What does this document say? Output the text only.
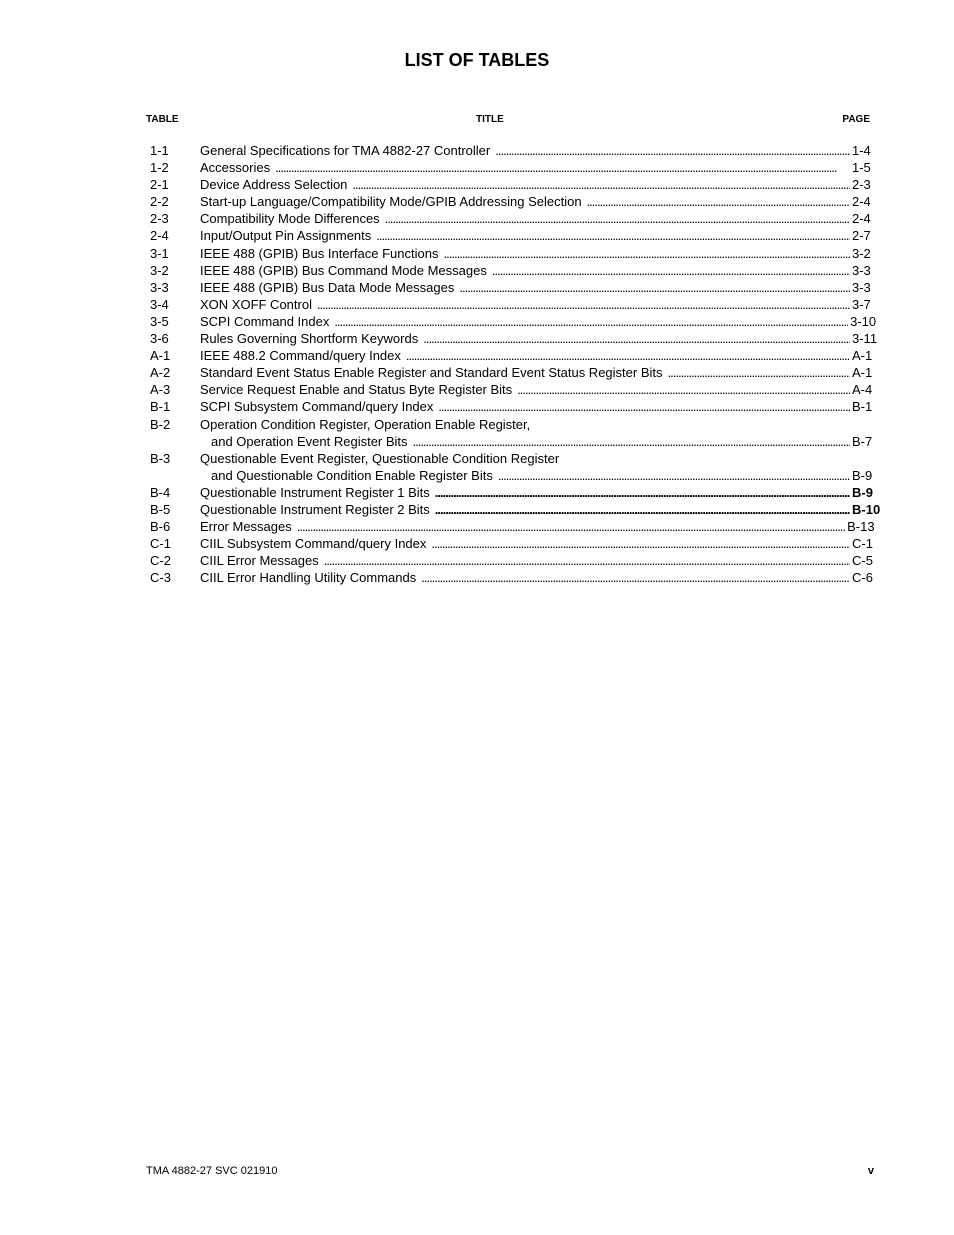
LIST OF TABLES
TABLE	TITLE	PAGE
1-1	General Specifications for TMA 4882-27 Controller . . .	1-4
1-2	Accessories . . .	1-5
2-1	Device Address Selection . . .	2-3
2-2	Start-up Language/Compatibility Mode/GPIB Addressing Selection . . .	2-4
2-3	Compatibility Mode Differences . . .	2-4
2-4	Input/Output Pin Assignments . . .	2-7
3-1	IEEE 488 (GPIB) Bus Interface Functions . . .	3-2
3-2	IEEE 488 (GPIB) Bus Command Mode Messages . . .	3-3
3-3	IEEE 488 (GPIB) Bus Data Mode Messages . . .	3-3
3-4	XON XOFF Control . . .	3-7
3-5	SCPI Command Index . . .	3-10
3-6	Rules Governing Shortform Keywords . . .	3-11
A-1	IEEE 488.2 Command/query Index . . .	A-1
A-2	Standard Event Status Enable Register and Standard Event Status Register Bits . . .	A-1
A-3	Service Request Enable and Status Byte Register Bits . . .	A-4
B-1	SCPI Subsystem Command/query Index . . .	B-1
B-2	Operation Condition Register, Operation Enable Register,
and Operation Event Register Bits . . .	B-7
B-3	Questionable Event Register, Questionable Condition Register
and Questionable Condition Enable Register Bits . . .	B-9
B-4	Questionable Instrument Register 1 Bits . . .	B-9
B-5	Questionable Instrument Register 2 Bits . . .	B-10
B-6	Error Messages . . .	B-13
C-1	CIIL Subsystem Command/query Index . . .	C-1
C-2	CIIL Error Messages . . .	C-5
C-3	CIIL Error Handling Utility Commands . . .	C-6
TMA 4882-27 SVC 021910	v
